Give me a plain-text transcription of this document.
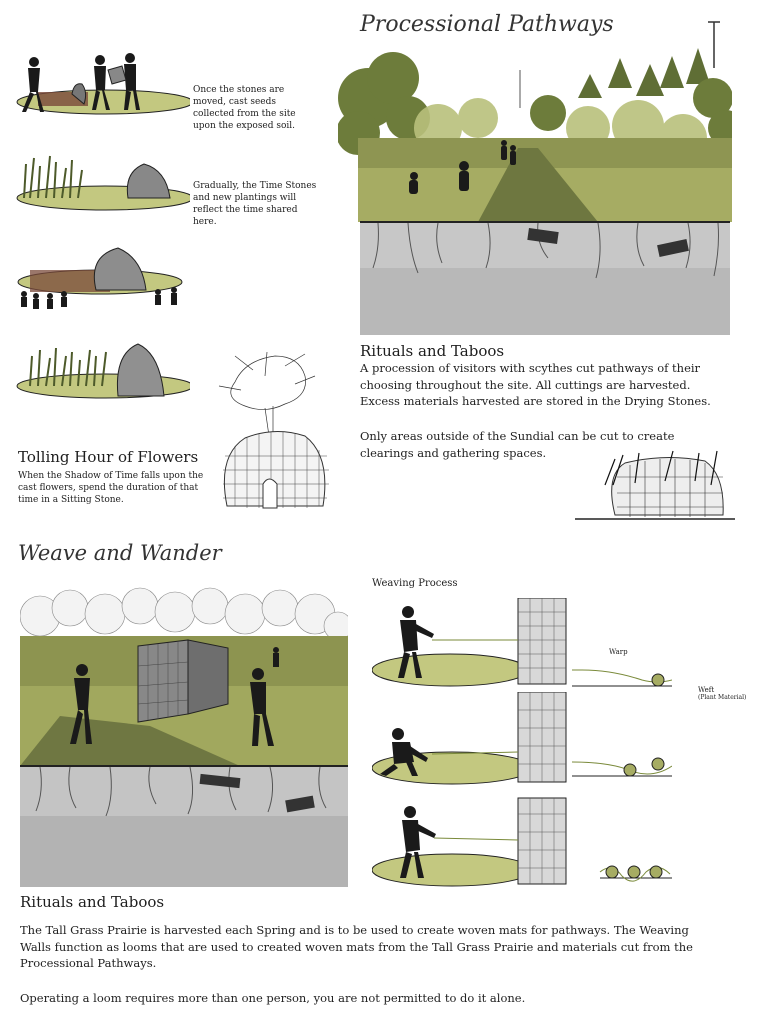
Processional Pathways
Rituals and Taboos
A procession of visitors with scythes cut pathways of their choosing throughout the site. All cuttings are harvested. Excess materials harvested are stored in the Drying Stones.
Only areas outside of the Sundial can be cut to create clearings and gathering spaces.
Once the stones are moved, cast seeds collected from the site upon the exposed soil.
Gradually, the Time Stones and new plantings will reflect the time shared here.
Tolling Hour of Flowers
When the Shadow of Time falls upon the cast flowers, spend the duration of that time in a Sitting Stone.
Weave and Wander
Weaving Process
Warp
Weft
(Plant Material)
Rituals and Taboos
The Tall Grass Prairie is harvested each Spring and is to be used to create woven mats for pathways. The Weaving Walls function as looms that are used to created woven mats from the Tall Grass Prairie and materials cut from the Processional Pathways.
Operating a loom requires more than one person, you are not permitted to do it alone.
